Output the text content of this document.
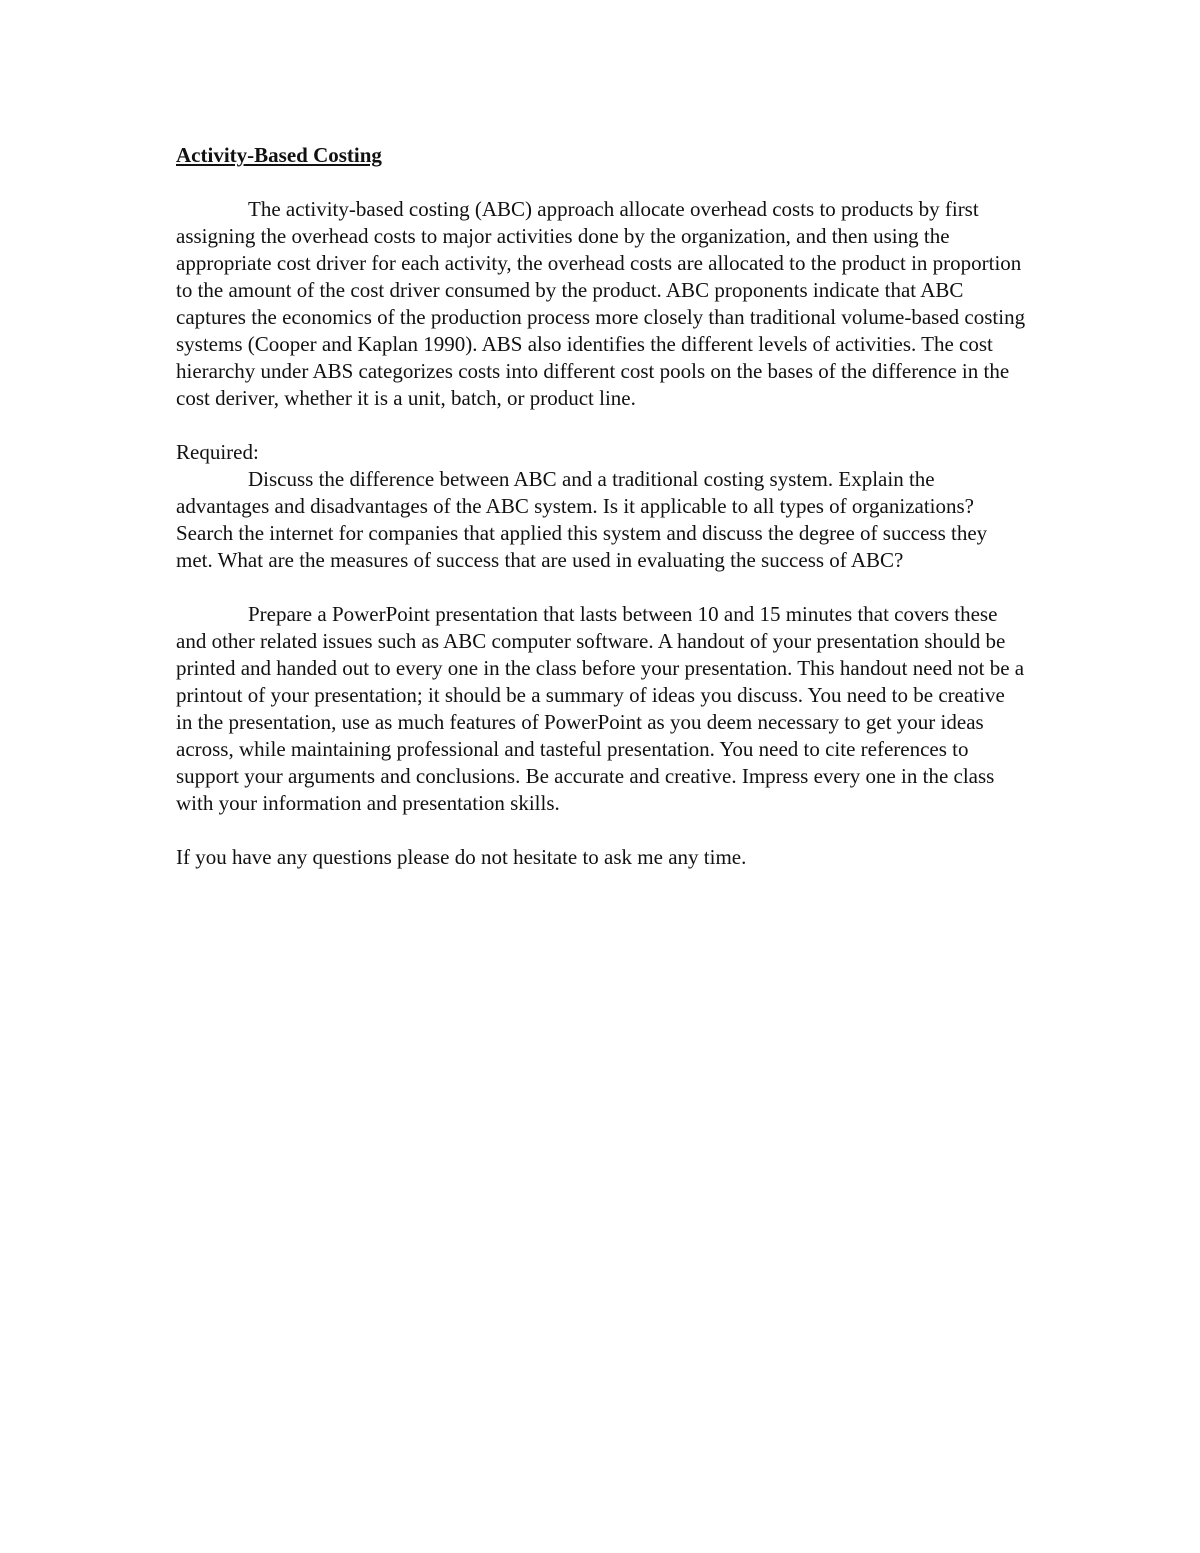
Activity-Based Costing

The activity-based costing (ABC) approach allocate overhead costs to products by first assigning the overhead costs to major activities done by the organization, and then using the appropriate cost driver for each activity, the overhead costs are allocated to the product in proportion to the amount of the cost driver consumed by the product. ABC proponents indicate that ABC captures the economics of the production process more closely than traditional volume-based costing systems (Cooper and Kaplan 1990). ABS also identifies the different levels of activities. The cost hierarchy under ABS categorizes costs into different cost pools on the bases of the difference in the cost deriver, whether it is a unit, batch, or product line.

Required:

Discuss the difference between ABC and a traditional costing system. Explain the advantages and disadvantages of the ABC system. Is it applicable to all types of organizations? Search the internet for companies that applied this system and discuss the degree of success they met. What are the measures of success that are used in evaluating the success of ABC?

Prepare a PowerPoint presentation that lasts between 10 and 15 minutes that covers these and other related issues such as ABC computer software. A handout of your presentation should be printed and handed out to every one in the class before your presentation. This handout need not be a printout of your presentation; it should be a summary of ideas you discuss. You need to be creative in the presentation, use as much features of PowerPoint as you deem necessary to get your ideas across, while maintaining professional and tasteful presentation. You need to cite references to support your arguments and conclusions. Be accurate and creative. Impress every one in the class with your information and presentation skills.

If you have any questions please do not hesitate to ask me any time.
